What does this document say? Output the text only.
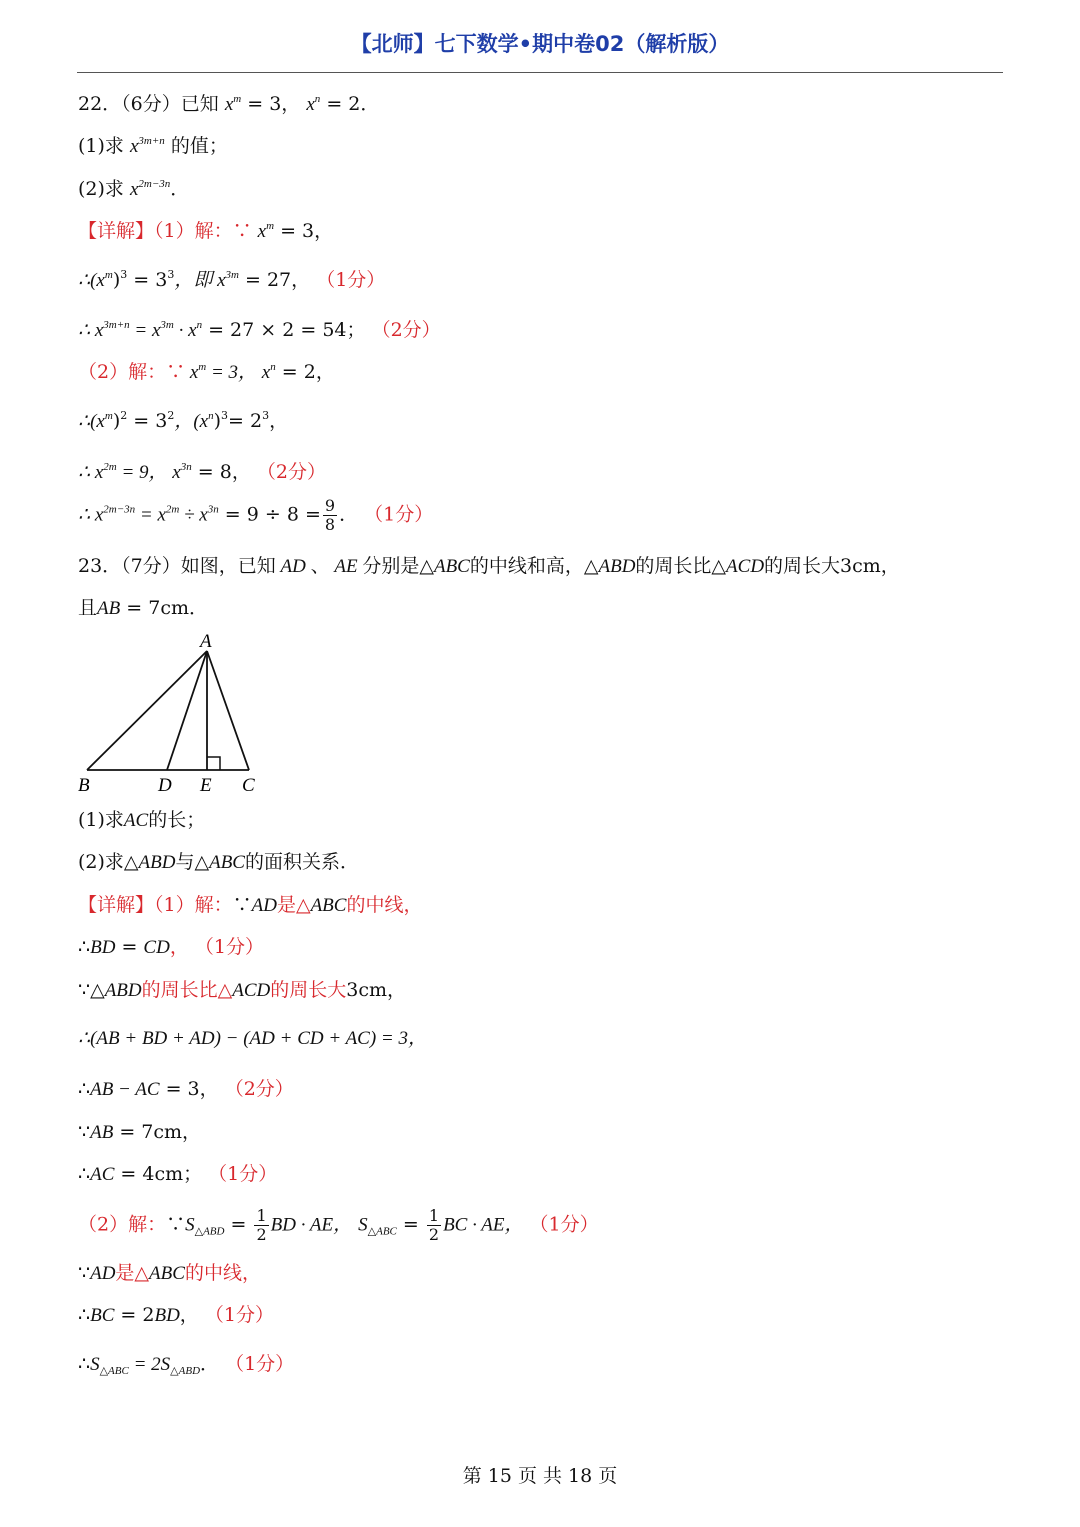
【北师】七下数学•期中卷02（解析版）
22．（6分）已知 $x^m = 3$， $x^n = 2$．
(1)求 $x^{3m+n}$ 的值；
(2)求 $x^{2m-3n}$．
【详解】（1）解：∵ $x^m = 3$，
$\therefore(x^m)^3 = 3^3$，即 $x^{3m} = 27$， （1分）
∴ $x^{3m+n} = x^{3m} \cdot x^n = 27 \times 2 = 54$； （2分）
（2）解：∵ $x^m = 3$， $x^n = 2$，
$\therefore(x^m)^2 = 3^2$，$(x^n)^3= 2^3$，
∴ $x^{2m} = 9$， $x^{3n} = 8$， （2分）
∴ $x^{2m-3n} = x^{2m} \div x^{3n} = 9 \div 8 = \frac{9}{8}$ ． （1分）
23．（7分）如图，已知 AD 、 AE 分别是△ABC的中线和高，△ABD的周长比△ACD的周长大3cm，
且AB = 7cm．
A
B	D E C
(1)求AC的长；
(2)求△ABD与△ABC的面积关系．
【详解】（1）解：∵AD是△ABC的中线，
∴BD = CD， （1分）
∵△ABD的周长比△ACD的周长大3cm，
∴(AB + BD + AD) − (AD + CD + AC) = 3，
∴AB − AC = 3， （2分）
∵AB = 7cm，
∴AC = 4cm； （1分）
（2）解：$\because S_{\triangle ABD} = \frac{1}{2}$ BD · AE， $S_{\triangle ABC} = \frac{1}{2}$ BC · AE， （1分）
∵AD是△ABC的中线，
∴BC = 2BD， （1分）
$\therefore S_{\triangle ABC} = 2S_{\triangle ABD}$． （1分）
第 15 页 共 18 页
